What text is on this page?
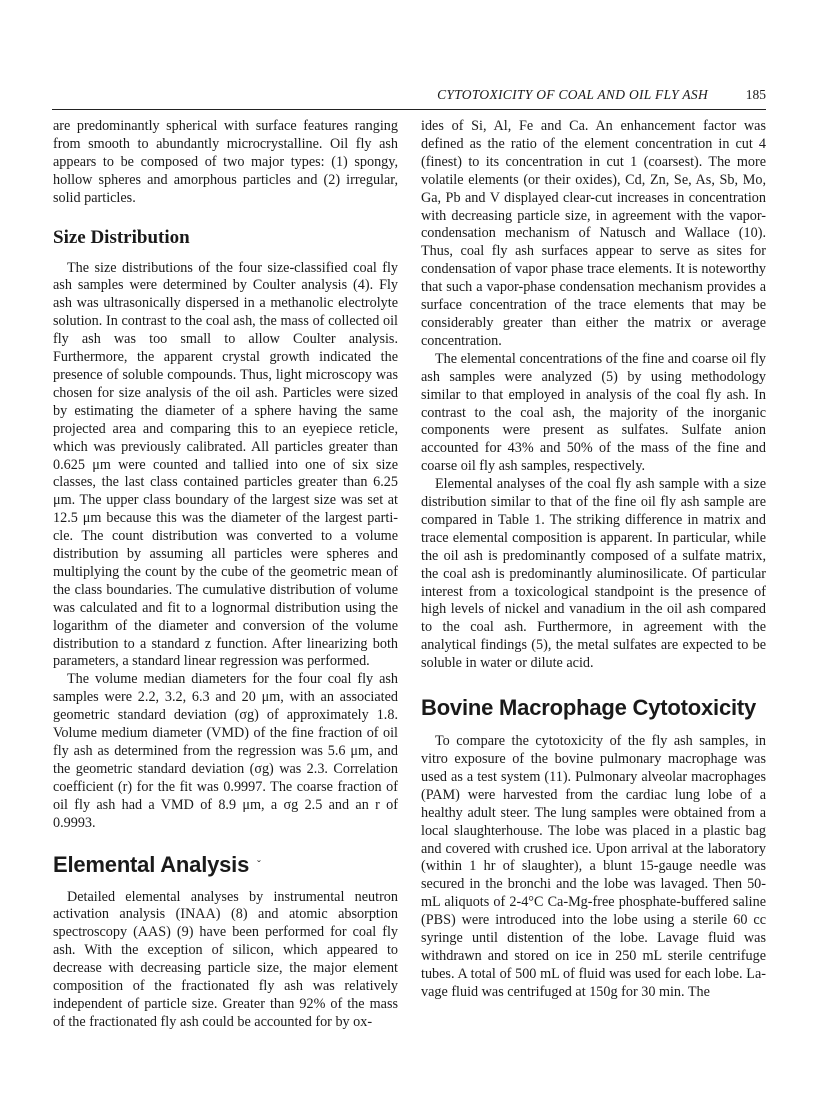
CYTOTOXICITY OF COAL AND OIL FLY ASH	185

are predominantly spherical with surface features ranging from smooth to abundantly microcrystalline. Oil fly ash appears to be composed of two major types: (1) spongy, hollow spheres and amorphous particles and (2) irregular, solid particles.

Size Distribution

The size distributions of the four size-classified coal fly ash samples were determined by Coulter analysis (4). Fly ash was ultrasonically dispersed in a methanolic electrolyte solution. In contrast to the coal ash, the mass of collected oil fly ash was too small to allow Coulter analysis. Furthermore, the apparent crystal growth indicated the presence of soluble compounds. Thus, light microscopy was chosen for size analysis of the oil ash. Particles were sized by estimating the diameter of a sphere having the same projected area and comparing this to an eyepiece reticle, which was previously calibrated. All particles greater than 0.625 μm were counted and tallied into one of six size classes, the last class contained particles greater than 6.25 μm. The upper class boundary of the largest size was set at 12.5 μm because this was the diameter of the largest particle. The count distribution was converted to a volume distribution by assuming all particles were spheres and multiplying the count by the cube of the geometric mean of the class boundaries. The cumulative distribution of volume was calculated and fit to a lognormal distribution using the logarithm of the diameter and conversion of the volume distribution to a standard z function. After linearizing both parameters, a standard linear regression was performed.

The volume median diameters for the four coal fly ash samples were 2.2, 3.2, 6.3 and 20 μm, with an associated geometric standard deviation (σg) of approximately 1.8. Volume medium diameter (VMD) of the fine fraction of oil fly ash as determined from the regression was 5.6 μm, and the geometric standard deviation (σg) was 2.3. Correlation coefficient (r) for the fit was 0.9997. The coarse fraction of oil fly ash had a VMD of 8.9 μm, a σg 2.5 and an r of 0.9993.

Elemental Analysis ˇ

Detailed elemental analyses by instrumental neutron activation analysis (INAA) (8) and atomic absorption spectroscopy (AAS) (9) have been performed for coal fly ash. With the exception of silicon, which appeared to decrease with decreasing particle size, the major element composition of the fractionated fly ash was relatively independent of particle size. Greater than 92% of the mass of the fractionated fly ash could be accounted for by ox-

ides of Si, Al, Fe and Ca. An enhancement factor was defined as the ratio of the element concentration in cut 4 (finest) to its concentration in cut 1 (coarsest). The more volatile elements (or their oxides), Cd, Zn, Se, As, Sb, Mo, Ga, Pb and V displayed clear-cut increases in concentration with decreasing particle size, in agreement with the vapor-condensation mechanism of Natusch and Wallace (10). Thus, coal fly ash surfaces appear to serve as sites for condensation of vapor phase trace elements. It is noteworthy that such a vapor-phase condensation mechanism provides a surface concentration of the trace elements that may be considerably greater than either the matrix or average concentration.

The elemental concentrations of the fine and coarse oil fly ash samples were analyzed (5) by using methodology similar to that employed in analysis of the coal fly ash. In contrast to the coal ash, the majority of the inorganic components were present as sulfates. Sulfate anion accounted for 43% and 50% of the mass of the fine and coarse oil fly ash samples, respectively.

Elemental analyses of the coal fly ash sample with a size distribution similar to that of the fine oil fly ash sample are compared in Table 1. The striking difference in matrix and trace elemental composition is apparent. In particular, while the oil ash is predominantly composed of a sulfate matrix, the coal ash is predominantly aluminosilicate. Of particular interest from a toxicological standpoint is the presence of high levels of nickel and vanadium in the oil ash compared to the coal ash. Furthermore, in agreement with the analytical findings (5), the metal sulfates are expected to be soluble in water or dilute acid.

Bovine Macrophage Cytotoxicity

To compare the cytotoxicity of the fly ash samples, in vitro exposure of the bovine pulmonary macrophage was used as a test system (11). Pulmonary alveolar macrophages (PAM) were harvested from the cardiac lung lobe of a healthy adult steer. The lung samples were obtained from a local slaughterhouse. The lobe was placed in a plastic bag and covered with crushed ice. Upon arrival at the laboratory (within 1 hr of slaughter), a blunt 15-gauge needle was secured in the bronchi and the lobe was lavaged. Then 50-mL aliquots of 2-4°C Ca-Mg-free phosphate-buffered saline (PBS) were introduced into the lobe using a sterile 60 cc syringe until distention of the lobe. Lavage fluid was withdrawn and stored on ice in 250 mL sterile centrifuge tubes. A total of 500 mL of fluid was used for each lobe. Lavage fluid was centrifuged at 150g for 30 min. The
